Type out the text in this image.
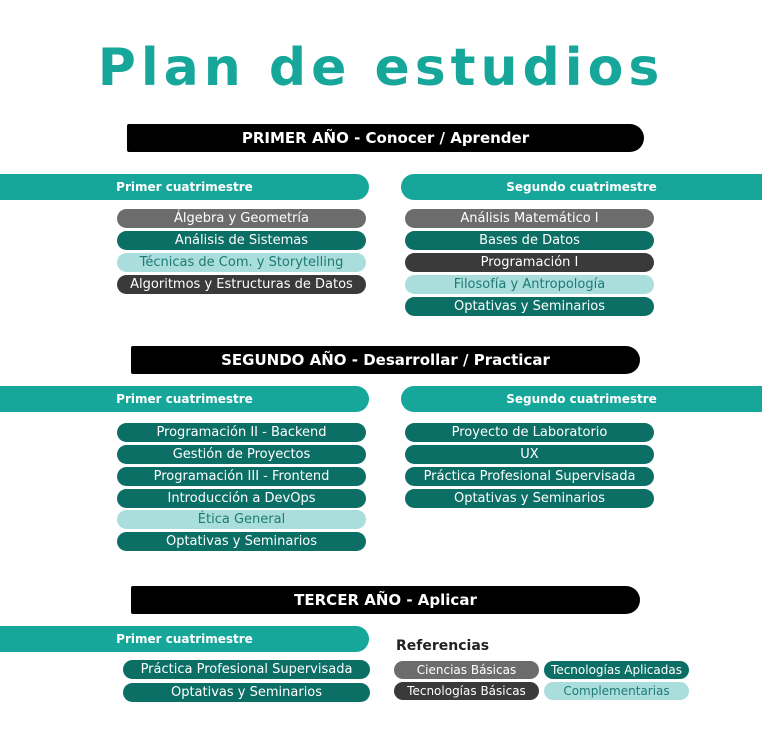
Plan de estudios
PRIMER AÑO - Conocer / Aprender
Primer cuatrimestre	Segundo cuatrimestre
Álgebra y Geometría
Análisis de Sistemas
Técnicas de Com. y Storytelling
Algoritmos y Estructuras de Datos
Análisis Matemático I
Bases de Datos
Programación I
Filosofía y Antropología
Optativas y Seminarios
SEGUNDO AÑO - Desarrollar / Practicar
Primer cuatrimestre	Segundo cuatrimestre
Programación II - Backend
Gestión de Proyectos
Programación III - Frontend
Introducción a DevOps
Ética General
Optativas y Seminarios
Proyecto de Laboratorio
UX
Práctica Profesional Supervisada
Optativas y Seminarios
TERCER AÑO - Aplicar
Primer cuatrimestre
Práctica Profesional Supervisada
Optativas y Seminarios
Referencias
Ciencias Básicas	Tecnologías Aplicadas
Tecnologías Básicas	Complementarias
